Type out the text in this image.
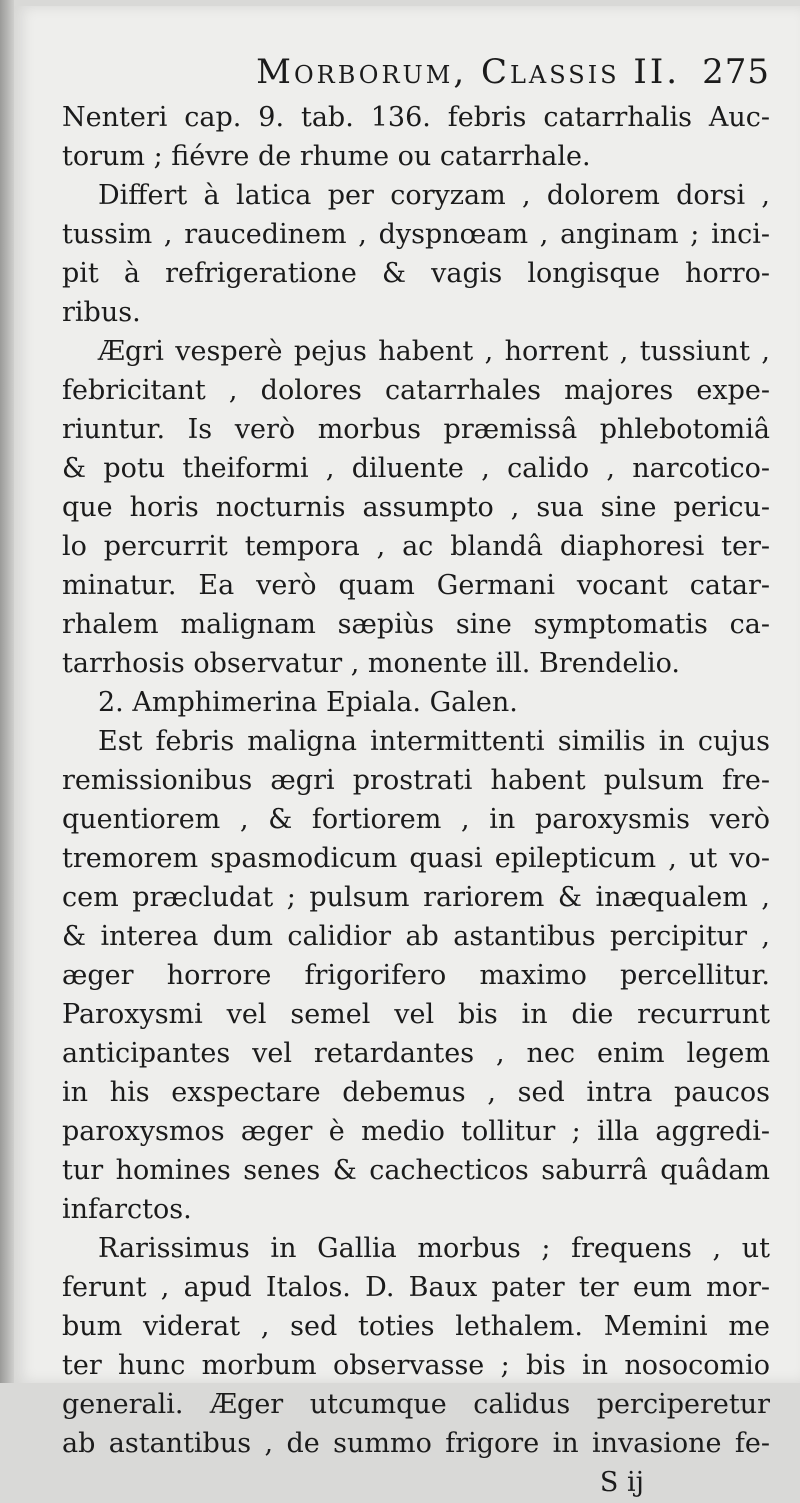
Morborum, Classis II. 275
Nenteri cap. 9. tab. 136. febris catarrhalis Auc-
torum ; fiévre de rhume ou catarrhale.
Differt à latica per coryzam , dolorem dorsi ,
tussim , raucedinem , dyspnœam , anginam ; inci-
pit à refrigeratione & vagis longisque horro-
ribus.
Ægri vesperè pejus habent , horrent , tussiunt ,
febricitant , dolores catarrhales majores expe-
riuntur. Is verò morbus præmissâ phlebotomiâ
& potu theiformi , diluente , calido , narcotico-
que horis nocturnis assumpto , sua sine pericu-
lo percurrit tempora , ac blandâ diaphoresi ter-
minatur. Ea verò quam Germani vocant catar-
rhalem malignam sæpiùs sine symptomatis ca-
tarrhosis observatur , monente ill. Brendelio.
2. Amphimerina Epiala. Galen.
Est febris maligna intermittenti similis in cujus
remissionibus ægri prostrati habent pulsum fre-
quentiorem , & fortiorem , in paroxysmis verò
tremorem spasmodicum quasi epilepticum , ut vo-
cem præcludat ; pulsum rariorem & inæqualem ,
& interea dum calidior ab astantibus percipitur ,
æger horrore frigorifero maximo percellitur.
Paroxysmi vel semel vel bis in die recurrunt
anticipantes vel retardantes , nec enim legem
in his exspectare debemus , sed intra paucos
paroxysmos æger è medio tollitur ; illa aggredi-
tur homines senes & cachecticos saburrâ quâdam
infarctos.
Rarissimus in Gallia morbus ; frequens , ut
ferunt , apud Italos. D. Baux pater ter eum mor-
bum viderat , sed toties lethalem. Memini me
ter hunc morbum observasse ; bis in nosocomio
generali. Æger utcumque calidus perciperetur
ab astantibus , de summo frigore in invasione fe-
S ij
